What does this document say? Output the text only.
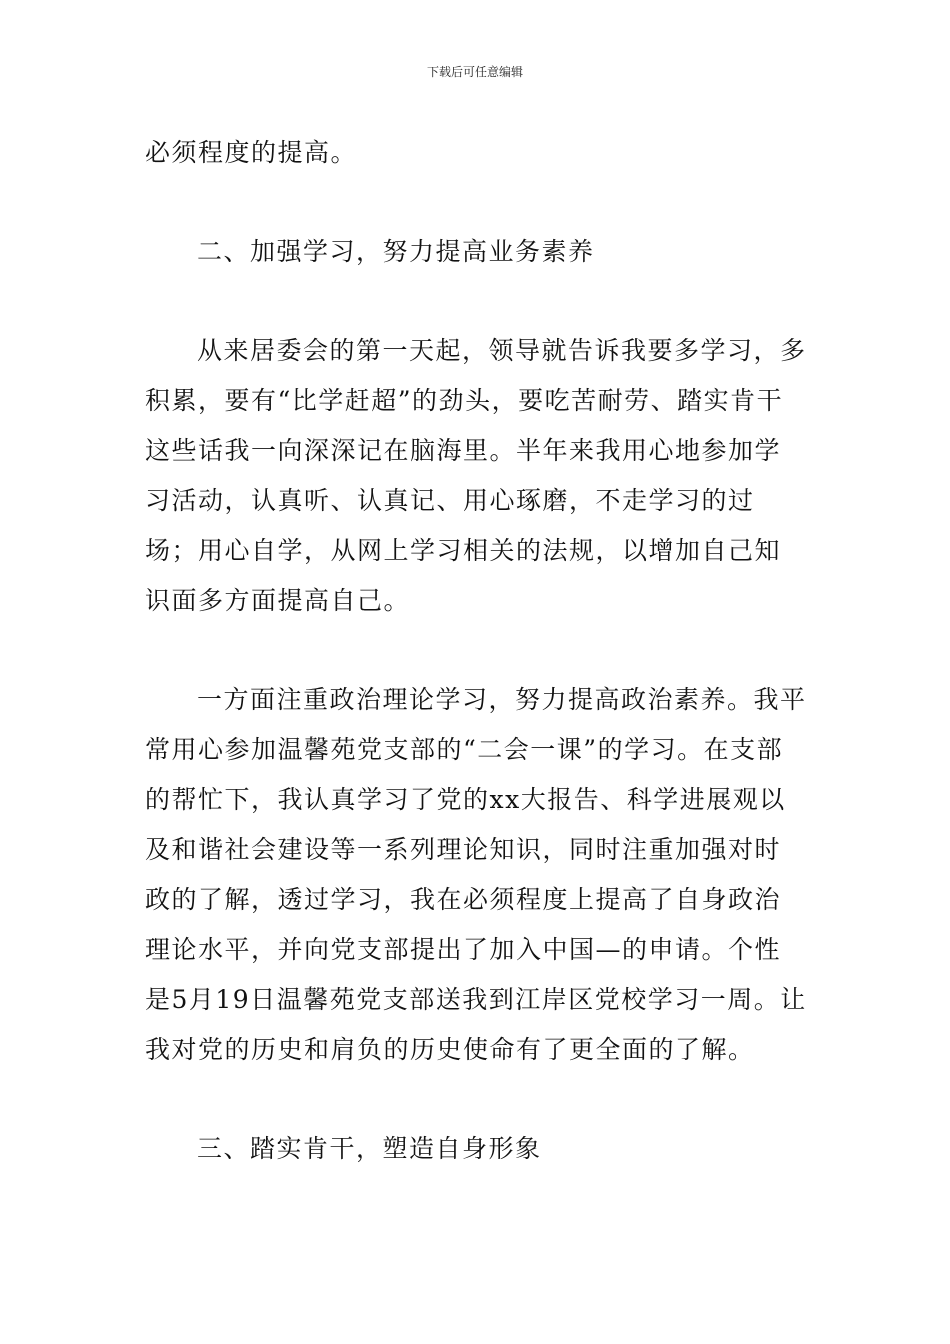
下载后可任意编辑

必须程度的提高。

二、加强学习，努力提高业务素养

从来居委会的第一天起，领导就告诉我要多学习，多积累，要有“比学赶超”的劲头，要吃苦耐劳、踏实肯干这些话我一向深深记在脑海里。半年来我用心地参加学习活动，认真听、认真记、用心琢磨，不走学习的过场；用心自学，从网上学习相关的法规，以增加自己知识面多方面提高自己。

一方面注重政治理论学习，努力提高政治素养。我平常用心参加温馨苑党支部的“二会一课”的学习。在支部的帮忙下，我认真学习了党的xx大报告、科学进展观以及和谐社会建设等一系列理论知识，同时注重加强对时政的了解，透过学习，我在必须程度上提高了自身政治理论水平，并向党支部提出了加入中国—的申请。个性是5月19日温馨苑党支部送我到江岸区党校学习一周。让我对党的历史和肩负的历史使命有了更全面的了解。

三、踏实肯干，塑造自身形象
